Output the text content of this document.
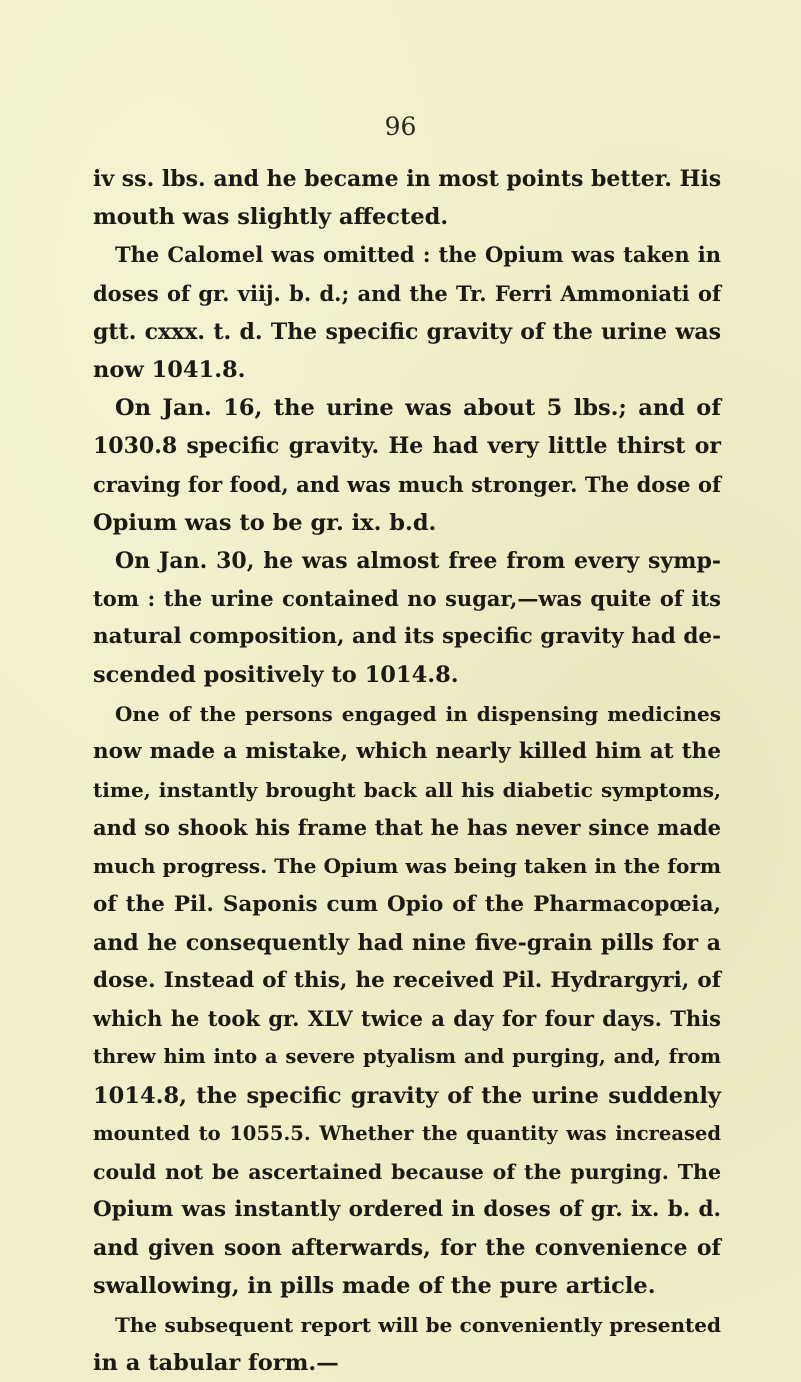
96
iv ss. lbs. and he became in most points better. His
mouth was slightly affected.
The Calomel was omitted : the Opium was taken in
doses of gr. viij. b. d.; and the Tr. Ferri Ammoniati of
gtt. cxxx. t. d. The specific gravity of the urine was
now 1041.8.
On Jan. 16, the urine was about 5 lbs.; and of
1030.8 specific gravity. He had very little thirst or
craving for food, and was much stronger. The dose of
Opium was to be gr. ix. b.d.
On Jan. 30, he was almost free from every symp-
tom : the urine contained no sugar,—was quite of its
natural composition, and its specific gravity had de-
scended positively to 1014.8.
One of the persons engaged in dispensing medicines
now made a mistake, which nearly killed him at the
time, instantly brought back all his diabetic symptoms,
and so shook his frame that he has never since made
much progress. The Opium was being taken in the form
of the Pil. Saponis cum Opio of the Pharmacopœia,
and he consequently had nine five-grain pills for a
dose. Instead of this, he received Pil. Hydrargyri, of
which he took gr. XLV twice a day for four days. This
threw him into a severe ptyalism and purging, and, from
1014.8, the specific gravity of the urine suddenly
mounted to 1055.5. Whether the quantity was increased
could not be ascertained because of the purging. The
Opium was instantly ordered in doses of gr. ix. b. d.
and given soon afterwards, for the convenience of
swallowing, in pills made of the pure article.
The subsequent report will be conveniently presented
in a tabular form.—
